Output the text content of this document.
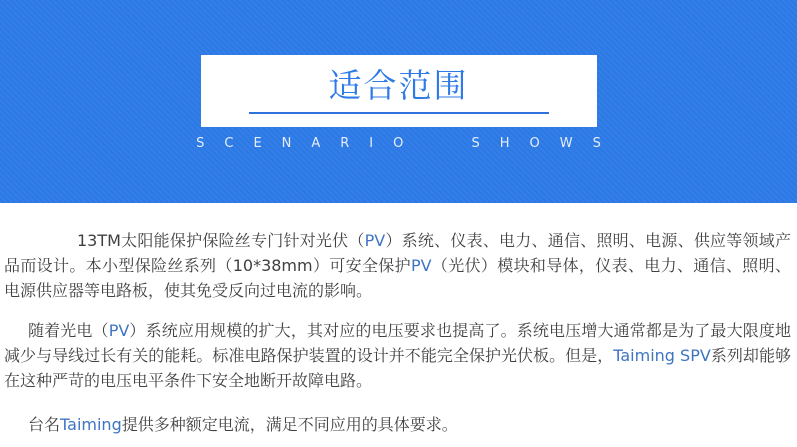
适合范围
SCENARIO SHOWS

13TM太阳能保护保险丝专门针对光伏（PV）系统、仪表、电力、通信、照明、电源、供应等领域产品而设计。本小型保险丝系列（10*38mm）可安全保护PV（光伏）模块和导体，仪表、电力、通信、照明、电源供应器等电路板，使其免受反向过电流的影响。

随着光电（PV）系统应用规模的扩大，其对应的电压要求也提高了。系统电压增大通常都是为了最大限度地减少与导线过长有关的能耗。标准电路保护装置的设计并不能完全保护光伏板。但是，Taiming SPV系列却能够在这种严苛的电压电平条件下安全地断开故障电路。

台名Taiming提供多种额定电流，满足不同应用的具体要求。
